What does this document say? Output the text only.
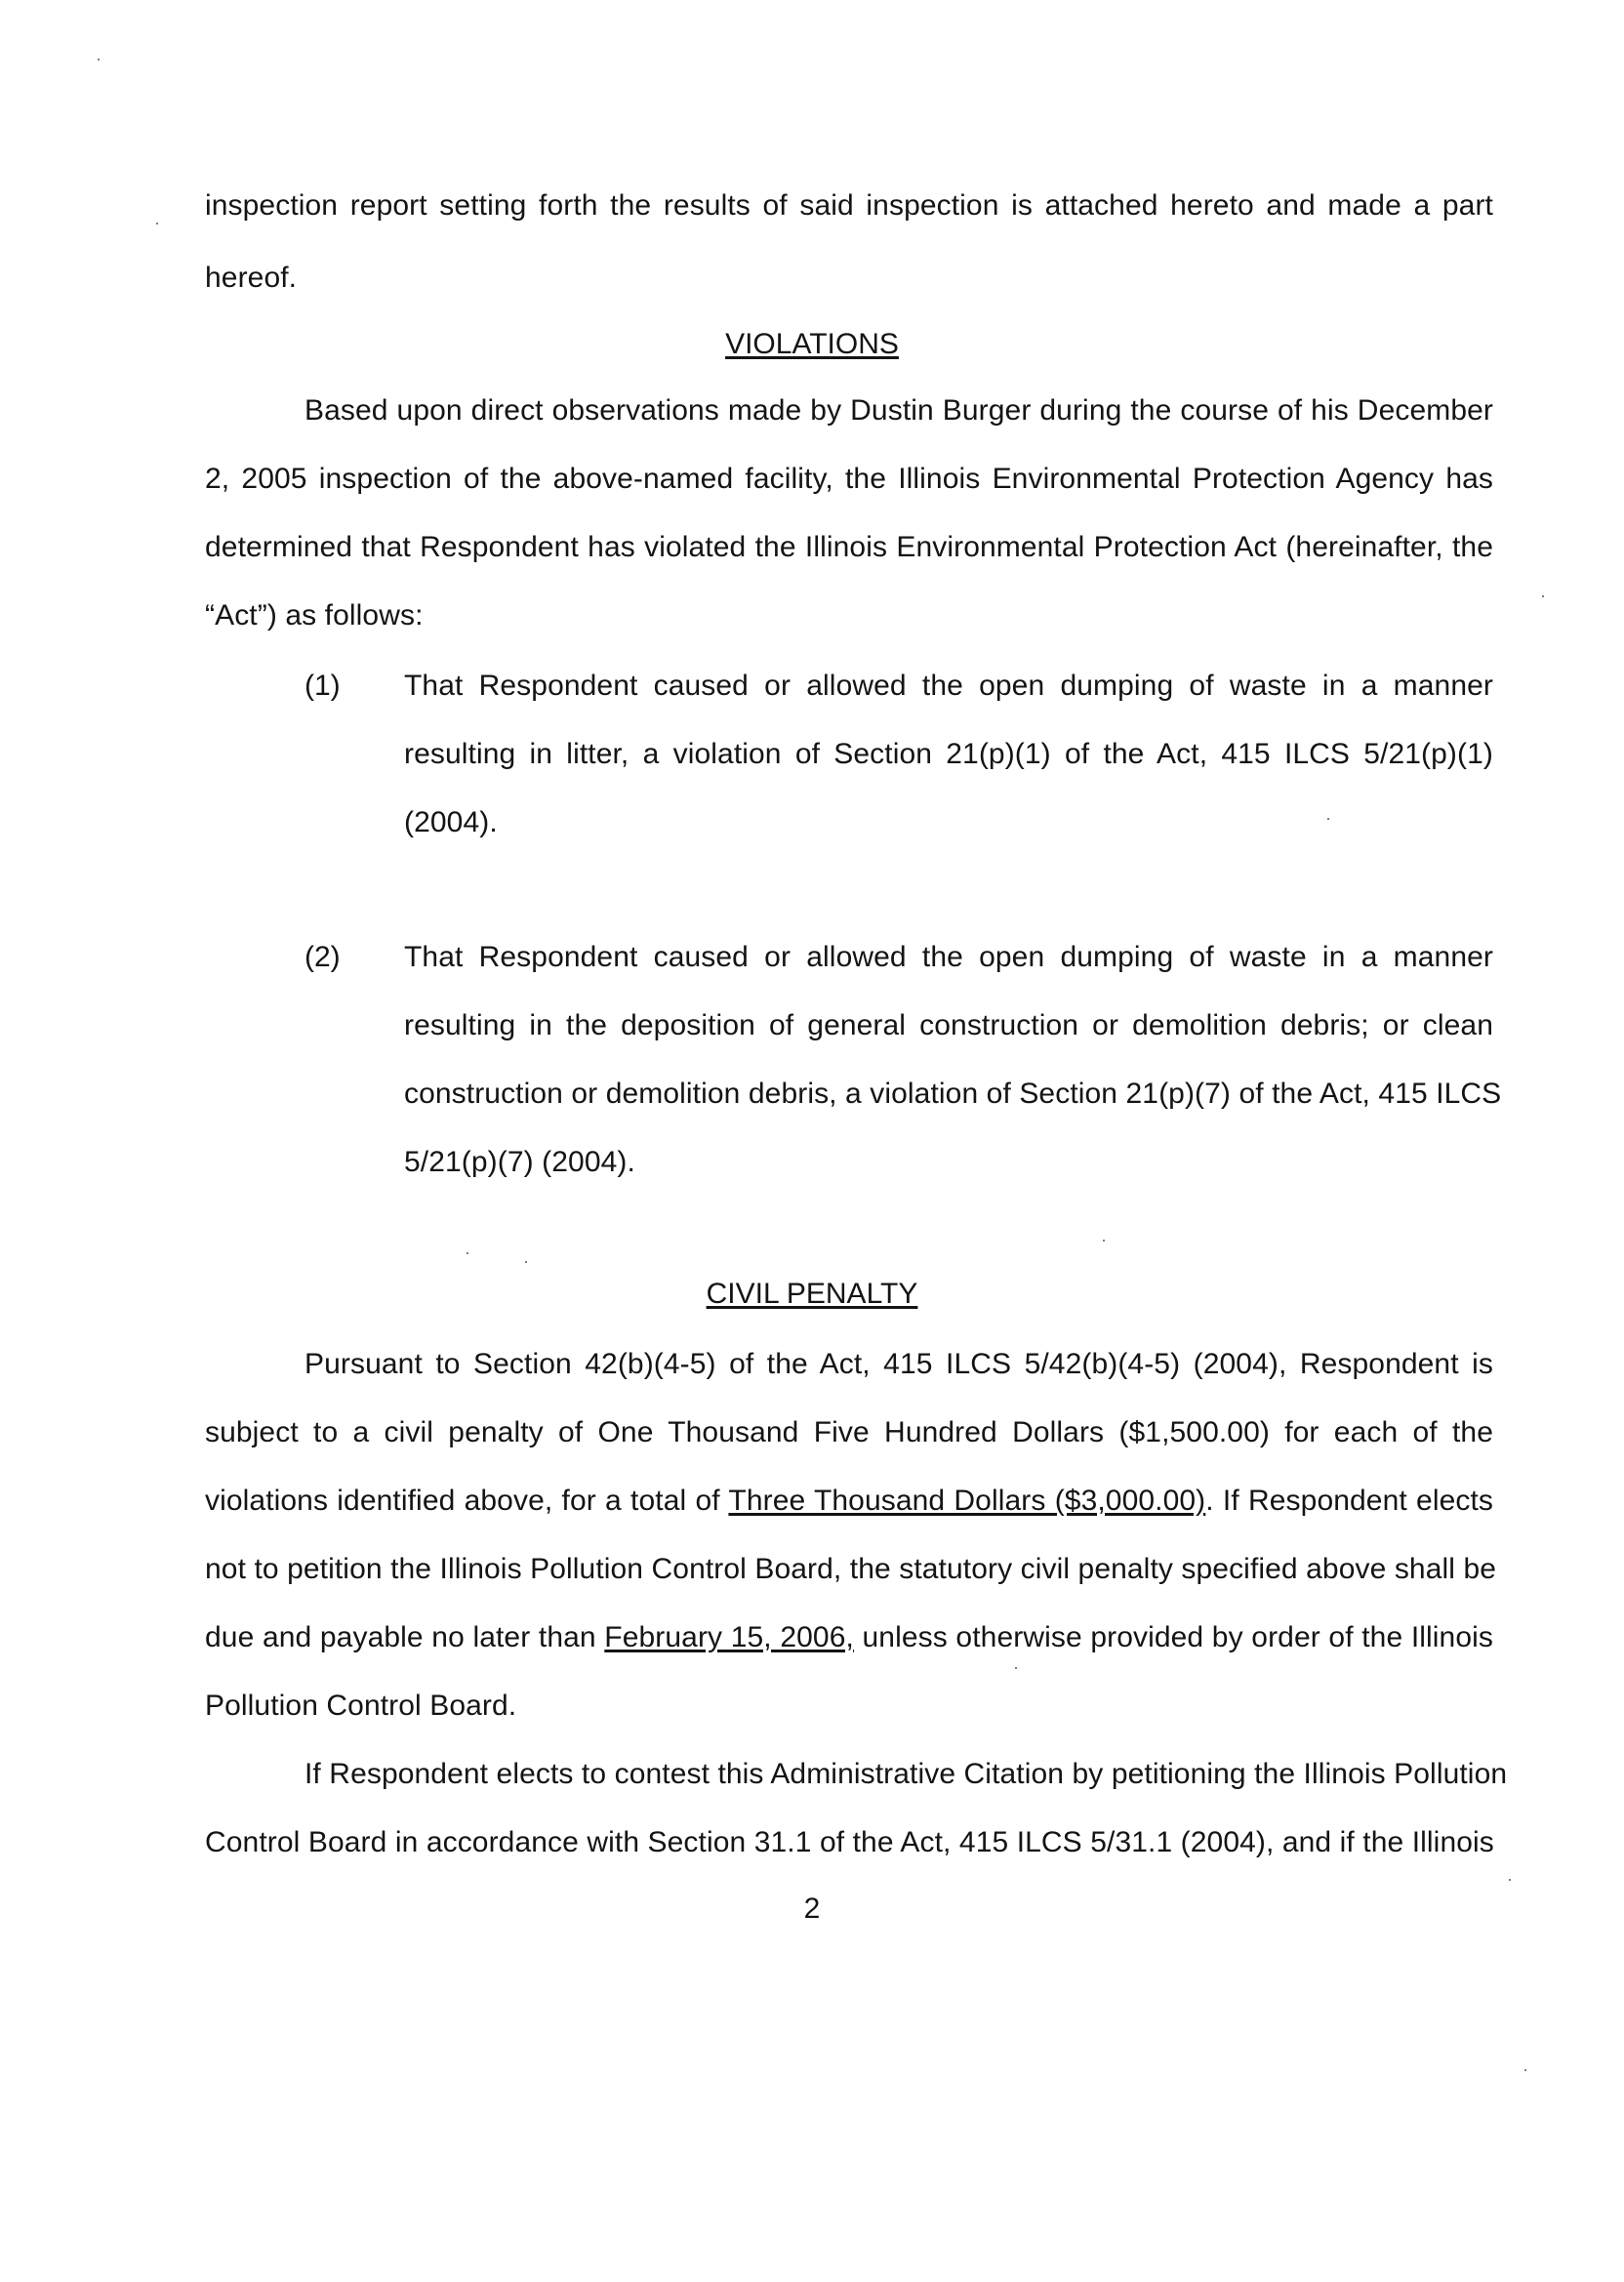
inspection report setting forth the results of said inspection is attached hereto and made a part
hereof.
VIOLATIONS
Based upon direct observations made by Dustin Burger during the course of his December
2, 2005 inspection of the above-named facility, the Illinois Environmental Protection Agency has
determined that Respondent has violated the Illinois Environmental Protection Act (hereinafter, the
“Act”) as follows:
(1) That Respondent caused or allowed the open dumping of waste in a manner
resulting in litter, a violation of Section 21(p)(1) of the Act, 415 ILCS 5/21(p)(1)
(2004).
(2) That Respondent caused or allowed the open dumping of waste in a manner
resulting in the deposition of general construction or demolition debris; or clean
construction or demolition debris, a violation of Section 21(p)(7) of the Act, 415 ILCS
5/21(p)(7) (2004).
CIVIL PENALTY
Pursuant to Section 42(b)(4-5) of the Act, 415 ILCS 5/42(b)(4-5) (2004), Respondent is
subject to a civil penalty of One Thousand Five Hundred Dollars ($1,500.00) for each of the
violations identified above, for a total of Three Thousand Dollars ($3,000.00). If Respondent elects
not to petition the Illinois Pollution Control Board, the statutory civil penalty specified above shall be
due and payable no later than February 15, 2006, unless otherwise provided by order of the Illinois
Pollution Control Board.
If Respondent elects to contest this Administrative Citation by petitioning the Illinois Pollution
Control Board in accordance with Section 31.1 of the Act, 415 ILCS 5/31.1 (2004), and if the Illinois
2
